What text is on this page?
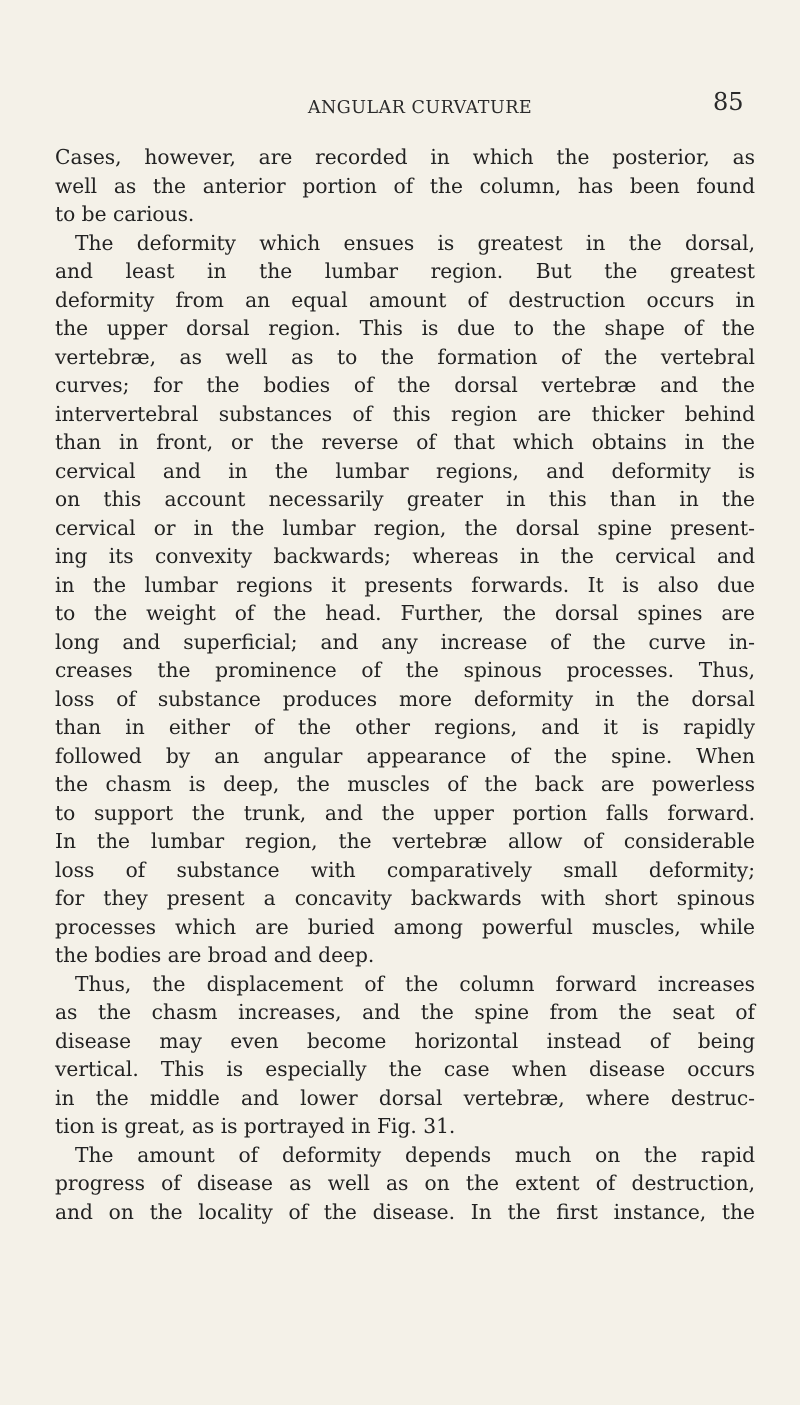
ANGULAR CURVATURE	85
Cases, however, are recorded in which the posterior, as
well as the anterior portion of the column, has been found
to be carious.
The deformity which ensues is greatest in the dorsal,
and least in the lumbar region. But the greatest
deformity from an equal amount of destruction occurs in
the upper dorsal region. This is due to the shape of the
vertebræ, as well as to the formation of the vertebral
curves; for the bodies of the dorsal vertebræ and the
intervertebral substances of this region are thicker behind
than in front, or the reverse of that which obtains in the
cervical and in the lumbar regions, and deformity is
on this account necessarily greater in this than in the
cervical or in the lumbar region, the dorsal spine present-
ing its convexity backwards; whereas in the cervical and
in the lumbar regions it presents forwards. It is also due
to the weight of the head. Further, the dorsal spines are
long and superficial; and any increase of the curve in-
creases the prominence of the spinous processes. Thus,
loss of substance produces more deformity in the dorsal
than in either of the other regions, and it is rapidly
followed by an angular appearance of the spine. When
the chasm is deep, the muscles of the back are powerless
to support the trunk, and the upper portion falls forward.
In the lumbar region, the vertebræ allow of considerable
loss of substance with comparatively small deformity;
for they present a concavity backwards with short spinous
processes which are buried among powerful muscles, while
the bodies are broad and deep.
Thus, the displacement of the column forward increases
as the chasm increases, and the spine from the seat of
disease may even become horizontal instead of being
vertical. This is especially the case when disease occurs
in the middle and lower dorsal vertebræ, where destruc-
tion is great, as is portrayed in Fig. 31.
The amount of deformity depends much on the rapid
progress of disease as well as on the extent of destruction,
and on the locality of the disease. In the first instance, the
